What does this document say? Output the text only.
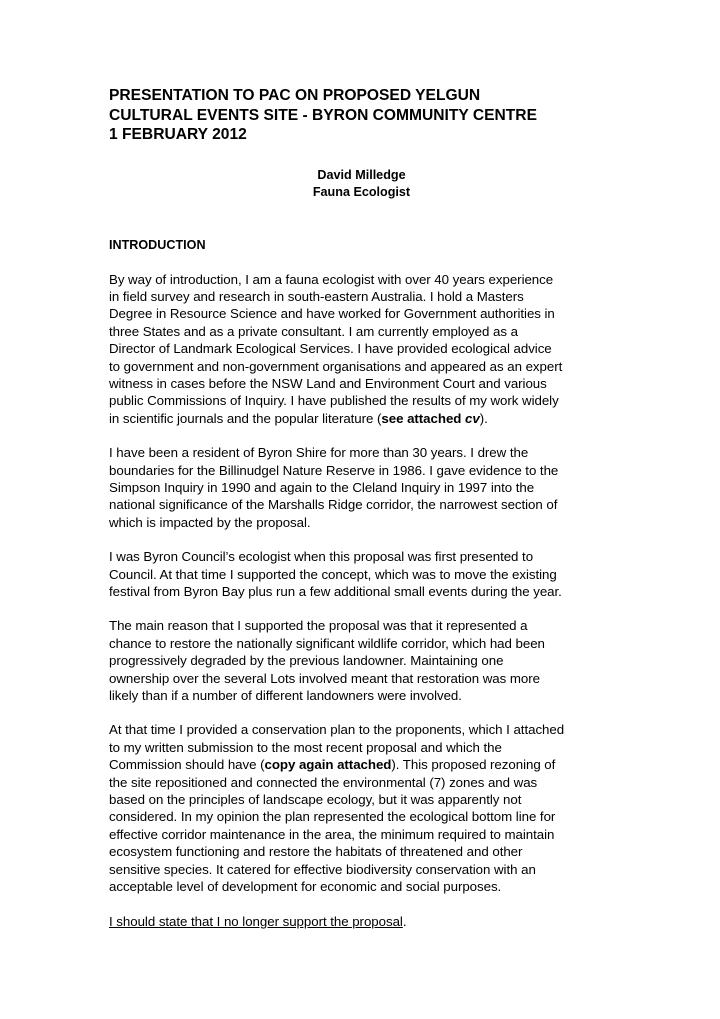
PRESENTATION TO PAC ON PROPOSED YELGUN
CULTURAL EVENTS SITE - BYRON COMMUNITY CENTRE
1 FEBRUARY 2012
David Milledge
Fauna Ecologist
INTRODUCTION

By way of introduction, I am a fauna ecologist with over 40 years experience
in field survey and research in south-eastern Australia. I hold a Masters
Degree in Resource Science and have worked for Government authorities in
three States and as a private consultant. I am currently employed as a
Director of Landmark Ecological Services. I have provided ecological advice
to government and non-government organisations and appeared as an expert
witness in cases before the NSW Land and Environment Court and various
public Commissions of Inquiry. I have published the results of my work widely
in scientific journals and the popular literature (see attached cv).

I have been a resident of Byron Shire for more than 30 years. I drew the
boundaries for the Billinudgel Nature Reserve in 1986. I gave evidence to the
Simpson Inquiry in 1990 and again to the Cleland Inquiry in 1997 into the
national significance of the Marshalls Ridge corridor, the narrowest section of
which is impacted by the proposal.

I was Byron Council’s ecologist when this proposal was first presented to
Council. At that time I supported the concept, which was to move the existing
festival from Byron Bay plus run a few additional small events during the year.

The main reason that I supported the proposal was that it represented a
chance to restore the nationally significant wildlife corridor, which had been
progressively degraded by the previous landowner. Maintaining one
ownership over the several Lots involved meant that restoration was more
likely than if a number of different landowners were involved.

At that time I provided a conservation plan to the proponents, which I attached
to my written submission to the most recent proposal and which the
Commission should have (copy again attached). This proposed rezoning of
the site repositioned and connected the environmental (7) zones and was
based on the principles of landscape ecology, but it was apparently not
considered. In my opinion the plan represented the ecological bottom line for
effective corridor maintenance in the area, the minimum required to maintain
ecosystem functioning and restore the habitats of threatened and other
sensitive species. It catered for effective biodiversity conservation with an
acceptable level of development for economic and social purposes.

I should state that I no longer support the proposal.
